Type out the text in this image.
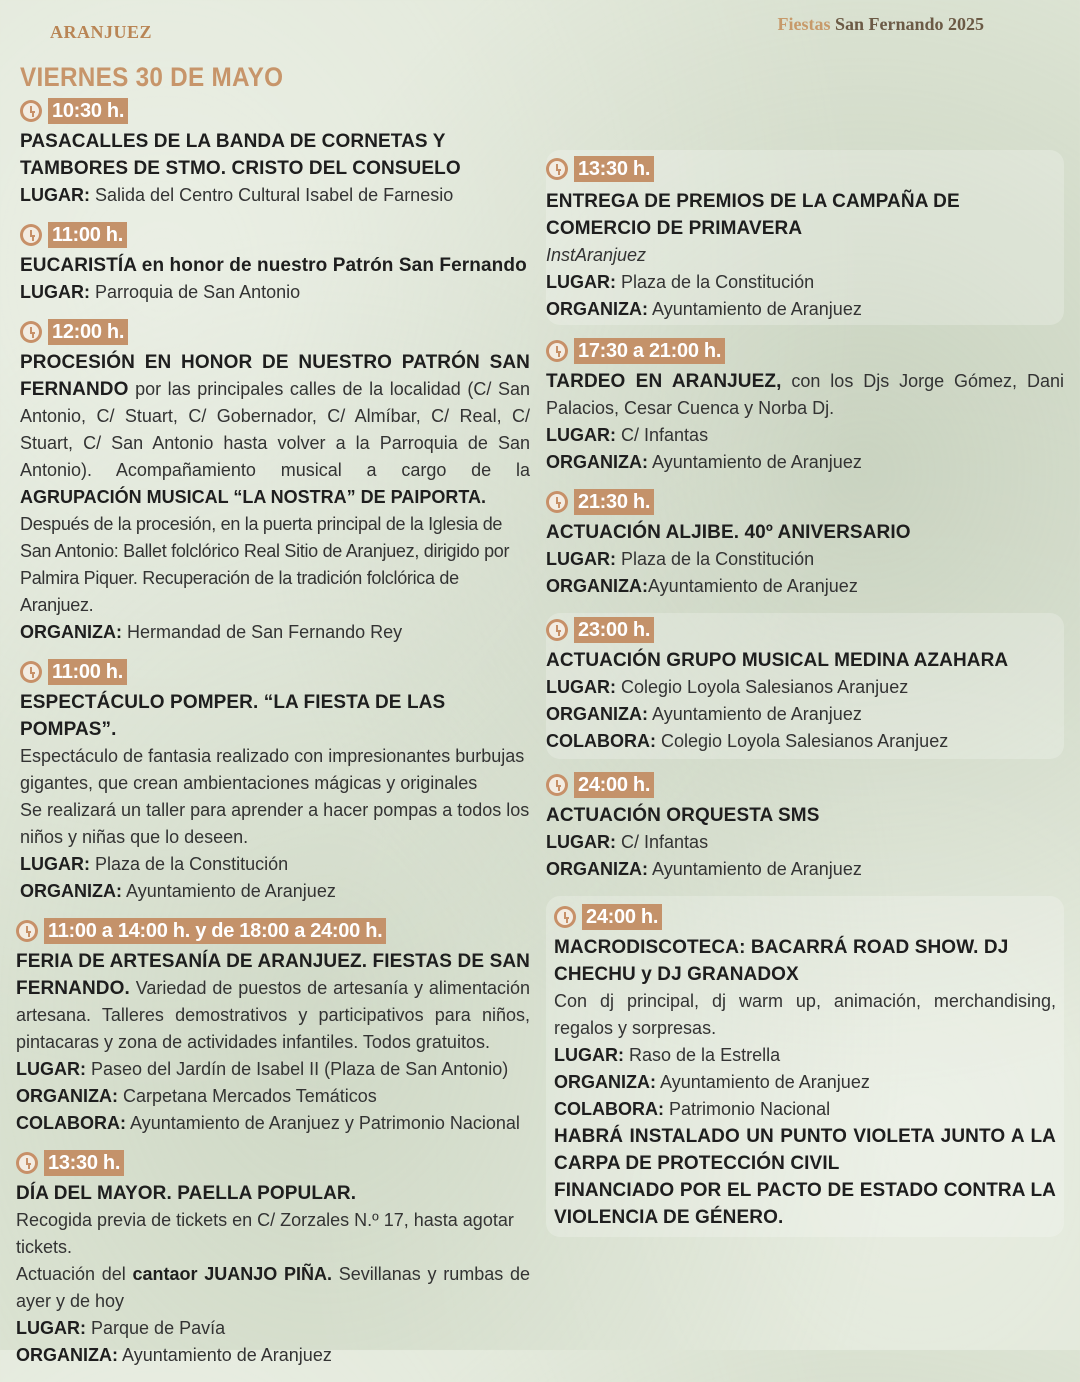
ARANJUEZ	Fiestas San Fernando 2025
VIERNES 30 DE MAYO
10:30 h.
PASACALLES DE LA BANDA DE CORNETAS Y TAMBORES DE STMO. CRISTO DEL CONSUELO
LUGAR: Salida del Centro Cultural Isabel de Farnesio
11:00 h.
EUCARISTÍA en honor de nuestro Patrón San Fernando
LUGAR: Parroquia de San Antonio
12:00 h.
PROCESIÓN EN HONOR DE NUESTRO PATRÓN SAN FERNANDO por las principales calles de la localidad (C/ San Antonio, C/ Stuart, C/ Gobernador, C/ Almíbar, C/ Real, C/ Stuart, C/ San Antonio hasta volver a la Parroquia de San Antonio). Acompañamiento musical a cargo de la AGRUPACIÓN MUSICAL “LA NOSTRA” DE PAIPORTA.
Después de la procesión, en la puerta principal de la Iglesia de San Antonio: Ballet folclórico Real Sitio de Aranjuez, dirigido por Palmira Piquer. Recuperación de la tradición folclórica de Aranjuez.
ORGANIZA: Hermandad de San Fernando Rey
11:00 h.
ESPECTÁCULO POMPER. “LA FIESTA DE LAS POMPAS”.
Espectáculo de fantasia realizado con impresionantes burbujas gigantes, que crean ambientaciones mágicas y originales
Se realizará un taller para aprender a hacer pompas a todos los niños y niñas que lo deseen.
LUGAR: Plaza de la Constitución
ORGANIZA: Ayuntamiento de Aranjuez
11:00 a 14:00 h. y de 18:00 a 24:00 h.
FERIA DE ARTESANÍA DE ARANJUEZ. FIESTAS DE SAN FERNANDO. Variedad de puestos de artesanía y alimentación artesana. Talleres demostrativos y participativos para niños, pintacaras y zona de actividades infantiles. Todos gratuitos.
LUGAR: Paseo del Jardín de Isabel II (Plaza de San Antonio)
ORGANIZA: Carpetana Mercados Temáticos
COLABORA: Ayuntamiento de Aranjuez y Patrimonio Nacional
13:30 h.
DÍA DEL MAYOR. PAELLA POPULAR.
Recogida previa de tickets en C/ Zorzales N.º 17, hasta agotar tickets.
Actuación del cantaor JUANJO PIÑA. Sevillanas y rumbas de ayer y de hoy
LUGAR: Parque de Pavía
ORGANIZA: Ayuntamiento de Aranjuez
13:30 h.
ENTREGA DE PREMIOS DE LA CAMPAÑA DE COMERCIO DE PRIMAVERA
InstAranjuez
LUGAR: Plaza de la Constitución
ORGANIZA: Ayuntamiento de Aranjuez
17:30 a 21:00 h.
TARDEO EN ARANJUEZ, con los Djs Jorge Gómez, Dani Palacios, Cesar Cuenca y Norba Dj.
LUGAR: C/ Infantas
ORGANIZA: Ayuntamiento de Aranjuez
21:30 h.
ACTUACIÓN ALJIBE. 40º ANIVERSARIO
LUGAR: Plaza de la Constitución
ORGANIZA:Ayuntamiento de Aranjuez
23:00 h.
ACTUACIÓN GRUPO MUSICAL MEDINA AZAHARA
LUGAR: Colegio Loyola Salesianos Aranjuez
ORGANIZA: Ayuntamiento de Aranjuez
COLABORA: Colegio Loyola Salesianos Aranjuez
24:00 h.
ACTUACIÓN ORQUESTA SMS
LUGAR: C/ Infantas
ORGANIZA: Ayuntamiento de Aranjuez
24:00 h.
MACRODISCOTECA: BACARRÁ ROAD SHOW. DJ CHECHU y DJ GRANADOX
Con dj principal, dj warm up, animación, merchandising, regalos y sorpresas.
LUGAR: Raso de la Estrella
ORGANIZA: Ayuntamiento de Aranjuez
COLABORA: Patrimonio Nacional
HABRÁ INSTALADO UN PUNTO VIOLETA JUNTO A LA CARPA DE PROTECCIÓN CIVIL
FINANCIADO POR EL PACTO DE ESTADO CONTRA LA VIOLENCIA DE GÉNERO.
